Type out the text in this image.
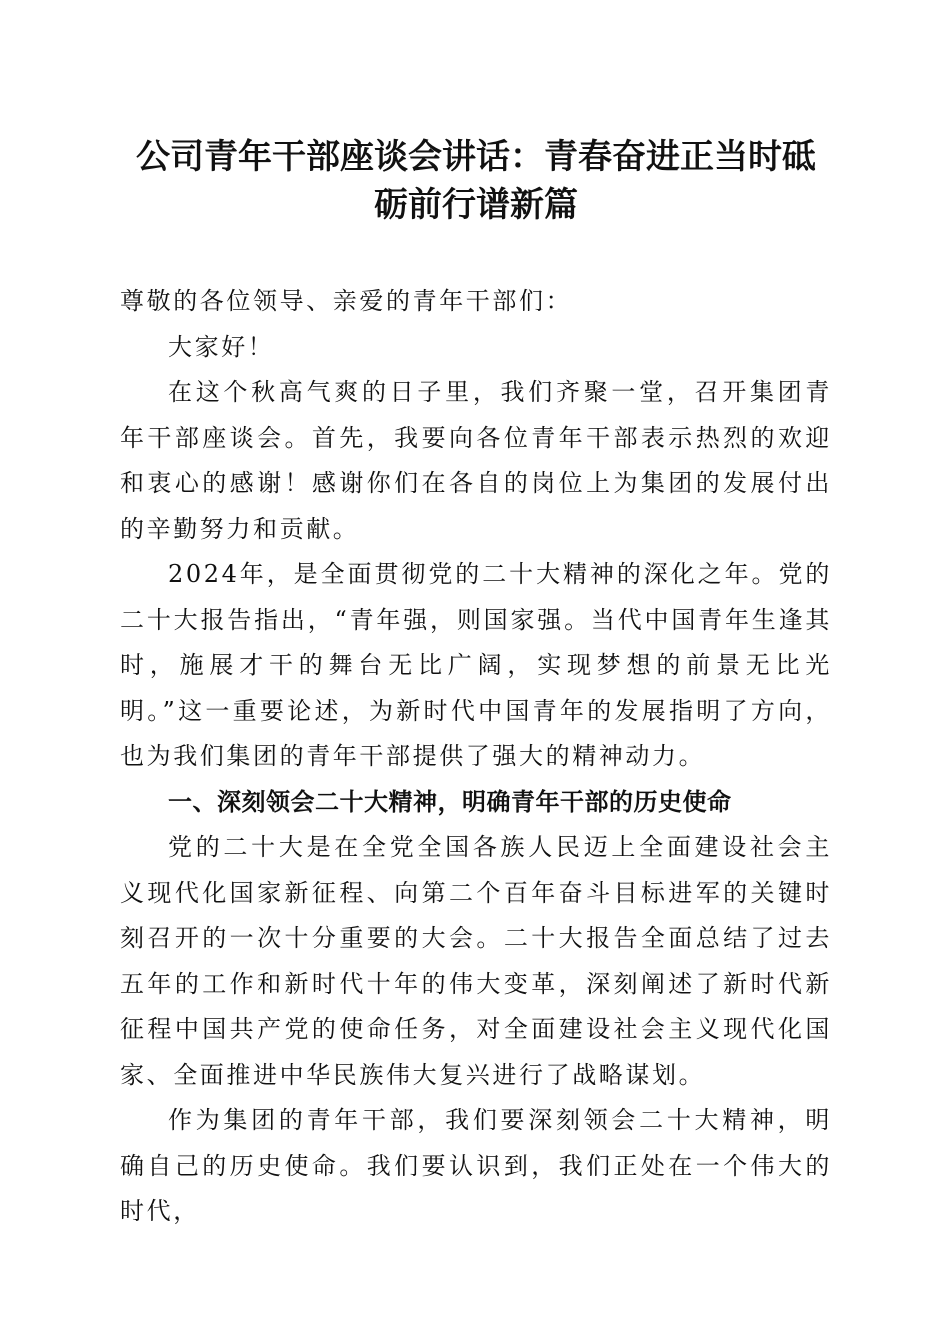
公司青年干部座谈会讲话：青春奋进正当时砥
砺前行谱新篇

尊敬的各位领导、亲爱的青年干部们：

大家好！

在这个秋高气爽的日子里，我们齐聚一堂，召开集团青年干部座谈会。首先，我要向各位青年干部表示热烈的欢迎和衷心的感谢！感谢你们在各自的岗位上为集团的发展付出的辛勤努力和贡献。

2024年，是全面贯彻党的二十大精神的深化之年。党的二十大报告指出，“青年强，则国家强。当代中国青年生逢其时，施展才干的舞台无比广阔，实现梦想的前景无比光明。”这一重要论述，为新时代中国青年的发展指明了方向，也为我们集团的青年干部提供了强大的精神动力。

一、深刻领会二十大精神，明确青年干部的历史使命

党的二十大是在全党全国各族人民迈上全面建设社会主义现代化国家新征程、向第二个百年奋斗目标进军的关键时刻召开的一次十分重要的大会。二十大报告全面总结了过去五年的工作和新时代十年的伟大变革，深刻阐述了新时代新征程中国共产党的使命任务，对全面建设社会主义现代化国家、全面推进中华民族伟大复兴进行了战略谋划。

作为集团的青年干部，我们要深刻领会二十大精神，明确自己的历史使命。我们要认识到，我们正处在一个伟大的时代，
